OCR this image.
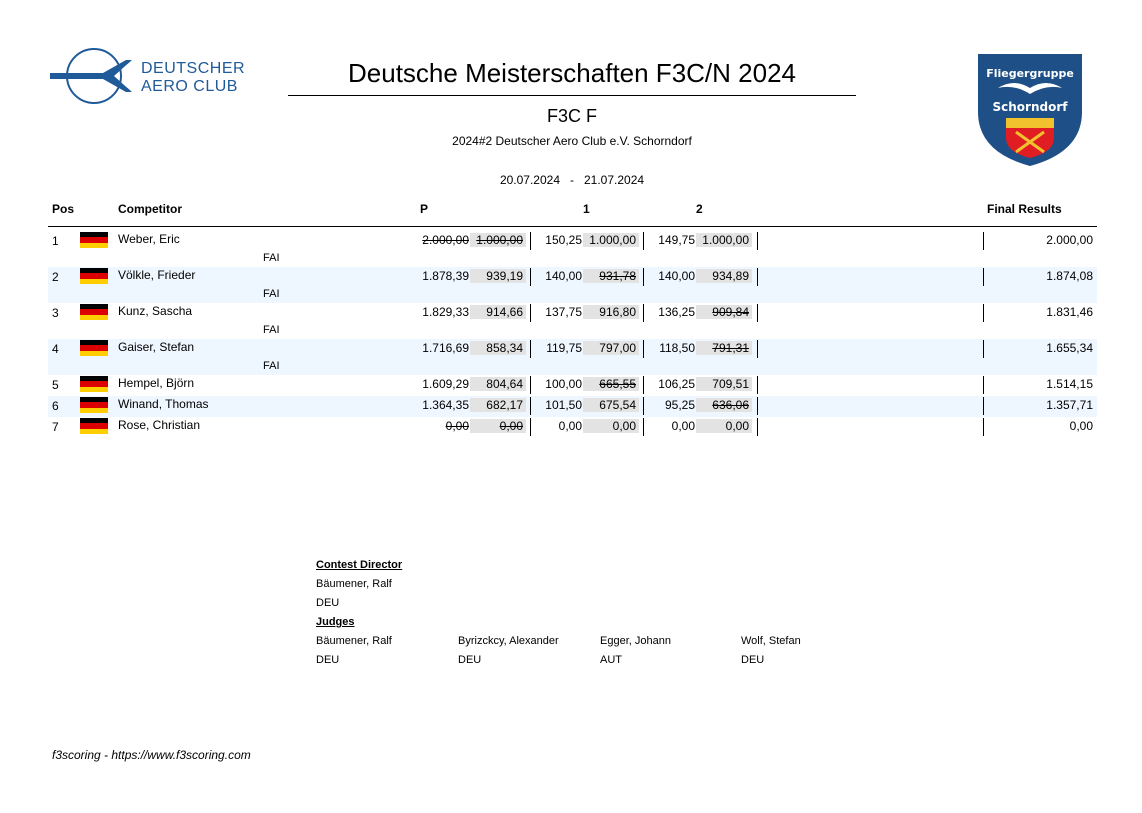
DEUTSCHER
AERO CLUB	Deutsche Meisterschaften F3C/N 2024
F3C F
2024#2 Deutscher Aero Club e.V. Schorndorf
20.07.2024   -   21.07.2024
Fliegergruppe
Schorndorf
Pos	Competitor	P	1	2	Final Results
1	Weber, Eric
FAI
2.000,00 1.000,00	150,25 1.000,00	149,75 1.000,00	2.000,00
2	Völkle, Frieder
FAI
1.878,39	939,19	140,00	931,78	140,00	934,89	1.874,08
3	Kunz, Sascha
FAI
1.829,33	914,66	137,75	916,80	136,25	909,84	1.831,46
4	Gaiser, Stefan
FAI
1.716,69	858,34	119,75	797,00	118,50	791,31	1.655,34
5	Hempel, Björn	1.609,29	804,64	100,00	665,55	106,25	709,51	1.514,15
6	Winand, Thomas	1.364,35	682,17	101,50	675,54	95,25	636,06	1.357,71
7	Rose, Christian	0,00	0,00	0,00	0,00	0,00	0,00	0,00
Contest Director
Bäumener, Ralf
DEU
Judges
Bäumener, Ralf
DEU
Byrizckcy, Alexander
DEU
Egger, Johann
AUT
Wolf, Stefan
DEU
f3scoring - https://www.f3scoring.com
